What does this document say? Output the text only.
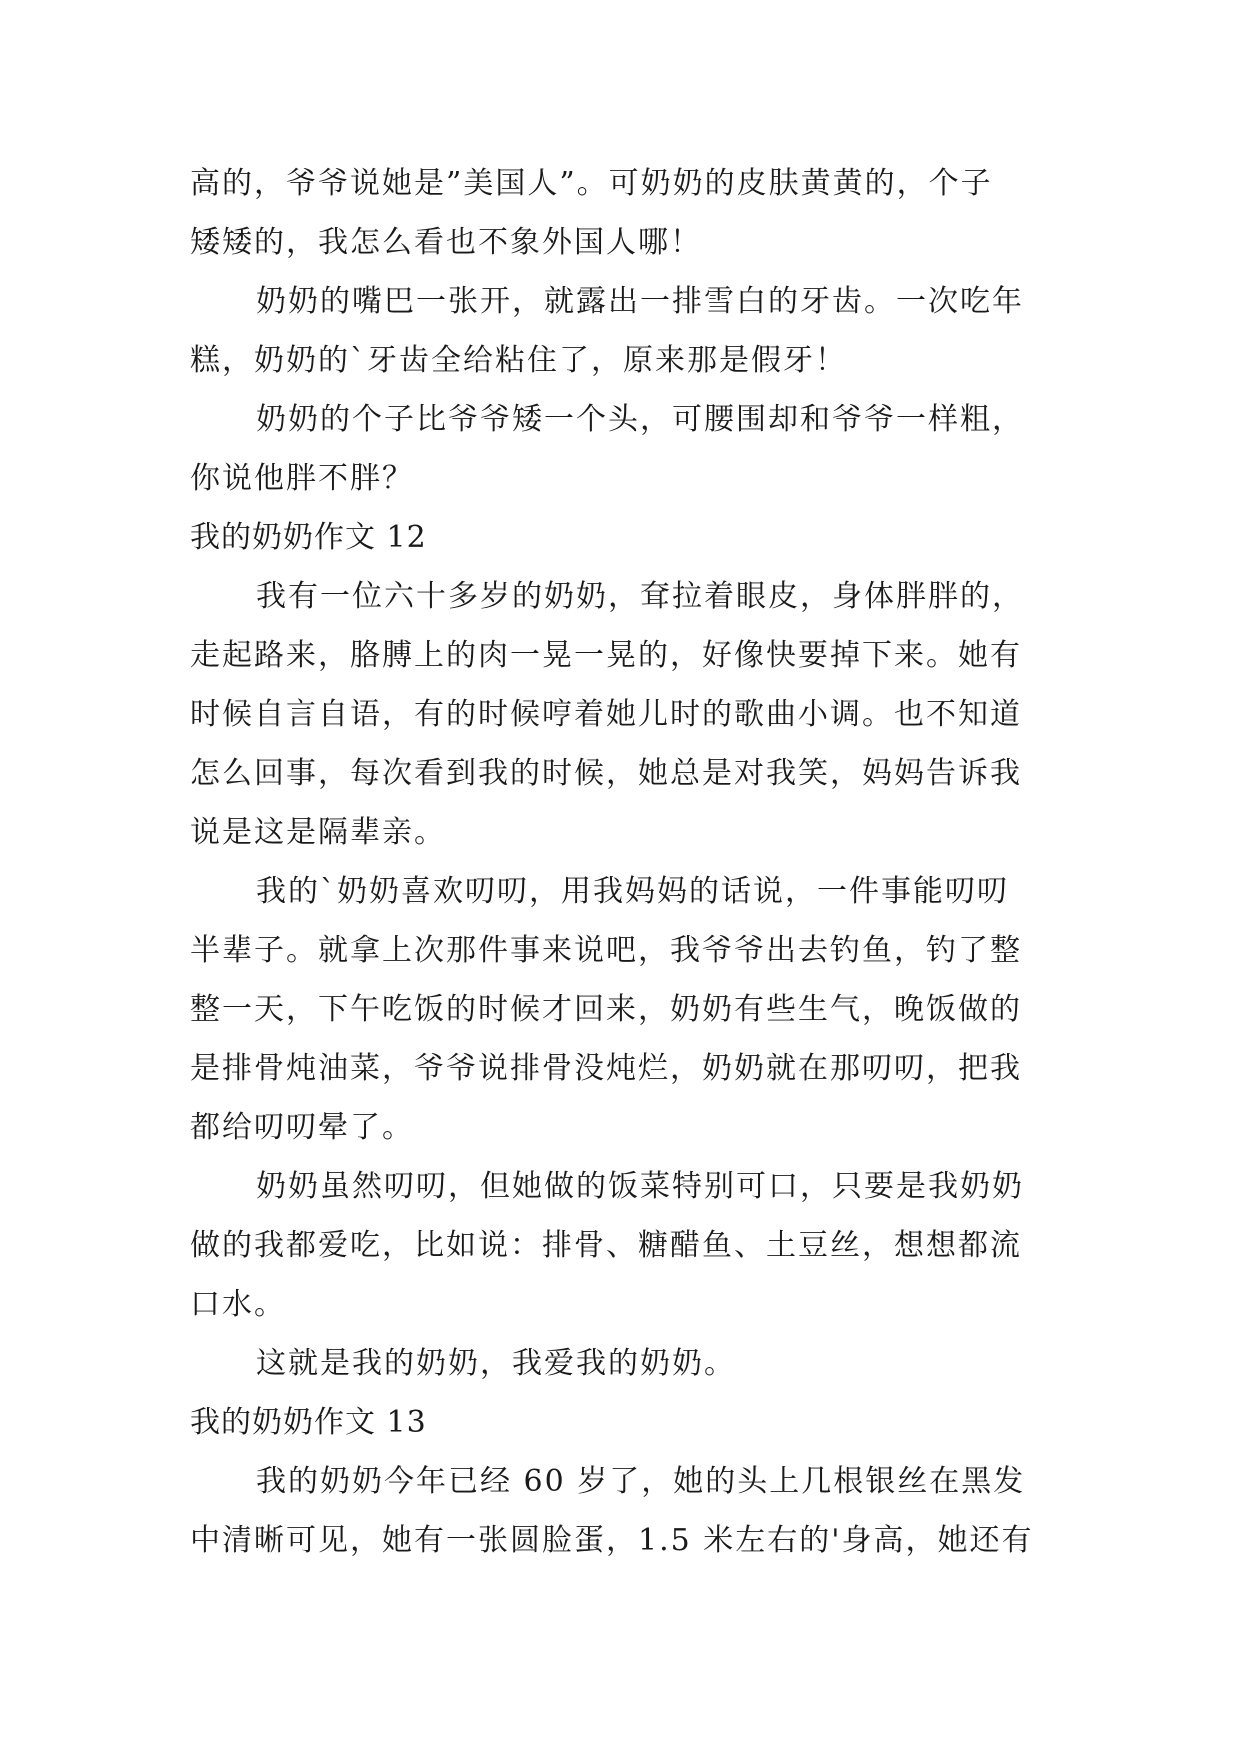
高的，爷爷说她是”美国人”。可奶奶的皮肤黄黄的，个子
矮矮的，我怎么看也不象外国人哪！
奶奶的嘴巴一张开，就露出一排雪白的牙齿。一次吃年
糕，奶奶的`牙齿全给粘住了，原来那是假牙！
奶奶的个子比爷爷矮一个头，可腰围却和爷爷一样粗，
你说他胖不胖？
我的奶奶作文 12
我有一位六十多岁的奶奶，耷拉着眼皮，身体胖胖的，
走起路来，胳膊上的肉一晃一晃的，好像快要掉下来。她有
时候自言自语，有的时候哼着她儿时的歌曲小调。也不知道
怎么回事，每次看到我的时候，她总是对我笑，妈妈告诉我
说是这是隔辈亲。
我的`奶奶喜欢叨叨，用我妈妈的话说，一件事能叨叨
半辈子。就拿上次那件事来说吧，我爷爷出去钓鱼，钓了整
整一天，下午吃饭的时候才回来，奶奶有些生气，晚饭做的
是排骨炖油菜，爷爷说排骨没炖烂，奶奶就在那叨叨，把我
都给叨叨晕了。
奶奶虽然叨叨，但她做的饭菜特别可口，只要是我奶奶
做的我都爱吃，比如说：排骨、糖醋鱼、土豆丝，想想都流
口水。
这就是我的奶奶，我爱我的奶奶。
我的奶奶作文 13
我的奶奶今年已经 60 岁了，她的头上几根银丝在黑发
中清晰可见，她有一张圆脸蛋，1.5 米左右的'身高，她还有
